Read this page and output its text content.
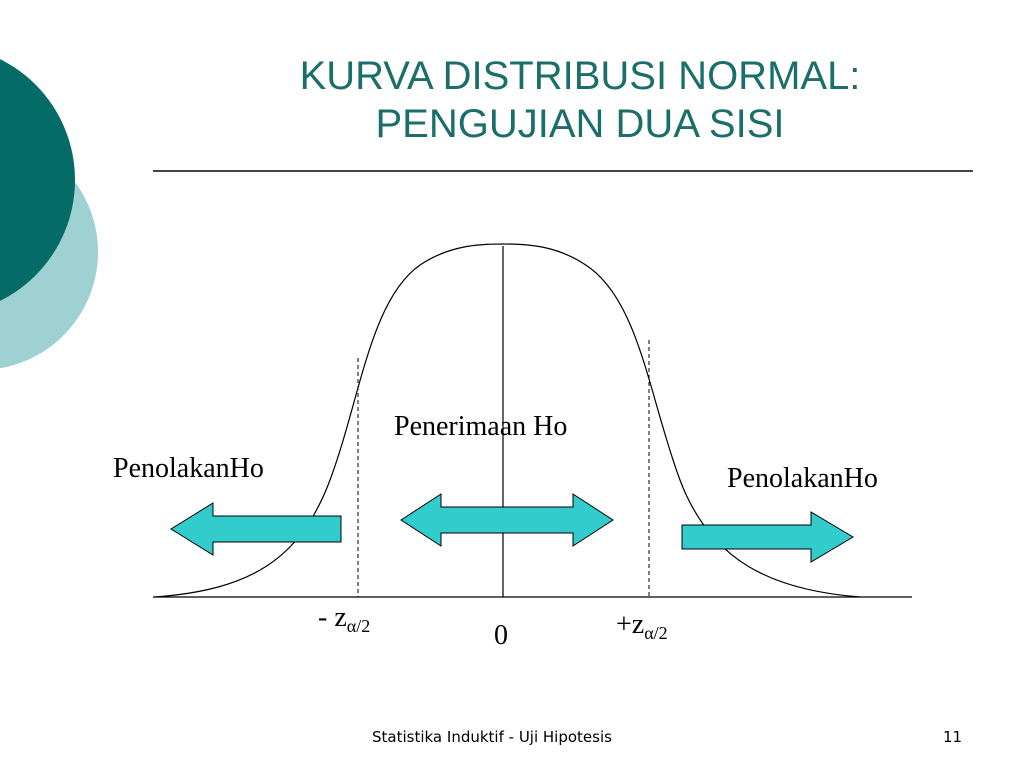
KURVA DISTRIBUSI NORMAL:
PENGUJIAN DUA SISI
Penerimaan Ho
PenolakanHo	PenolakanHo
- $z_{\alpha/2}$	0	$+z_{\alpha/2}$
Statistika Induktif - Uji Hipotesis	11
